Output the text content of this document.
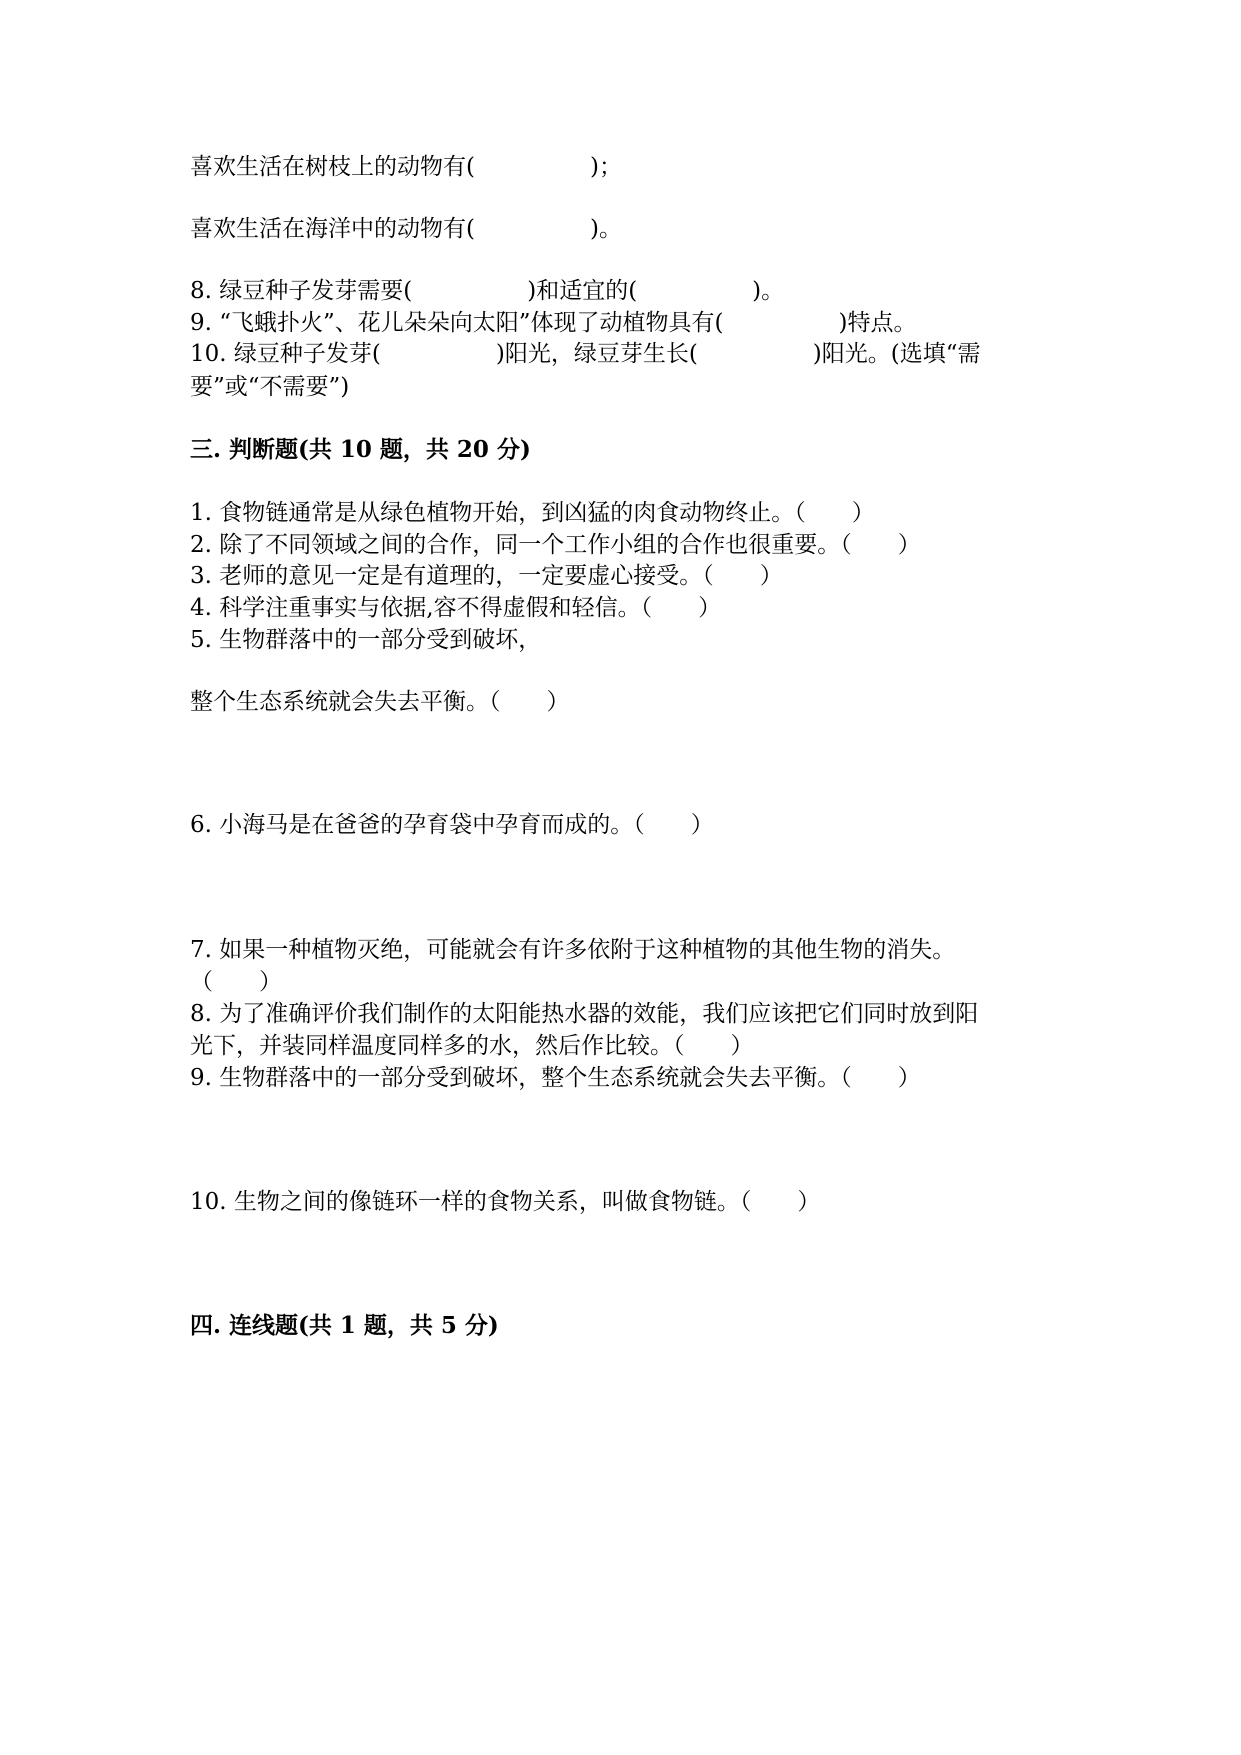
喜欢生活在树枝上的动物有(　　　　　)；
喜欢生活在海洋中的动物有(　　　　　)。
8. 绿豆种子发芽需要(　　　　　)和适宜的(　　　　　)。
9. “飞蛾扑火”、花儿朵朵向太阳”体现了动植物具有(　　　　　)特点。
10. 绿豆种子发芽(　　　　　)阳光，绿豆芽生长(　　　　　)阳光。(选填“需
要”或“不需要”)
三. 判断题(共 10 题，共 20 分)
1. 食物链通常是从绿色植物开始，到凶猛的肉食动物终止。（　　）
2. 除了不同领域之间的合作，同一个工作小组的合作也很重要。（　　）
3. 老师的意见一定是有道理的，一定要虚心接受。（　　）
4. 科学注重事实与依据,容不得虚假和轻信。（　　）
5. 生物群落中的一部分受到破坏，
整个生态系统就会失去平衡。（　　）
6. 小海马是在爸爸的孕育袋中孕育而成的。（　　）
7. 如果一种植物灭绝，可能就会有许多依附于这种植物的其他生物的消失。
（　　）
8. 为了准确评价我们制作的太阳能热水器的效能，我们应该把它们同时放到阳
光下，并装同样温度同样多的水，然后作比较。（　　）
9. 生物群落中的一部分受到破坏，整个生态系统就会失去平衡。（　　）
10. 生物之间的像链环一样的食物关系，叫做食物链。（　　）
四. 连线题(共 1 题，共 5 分)
